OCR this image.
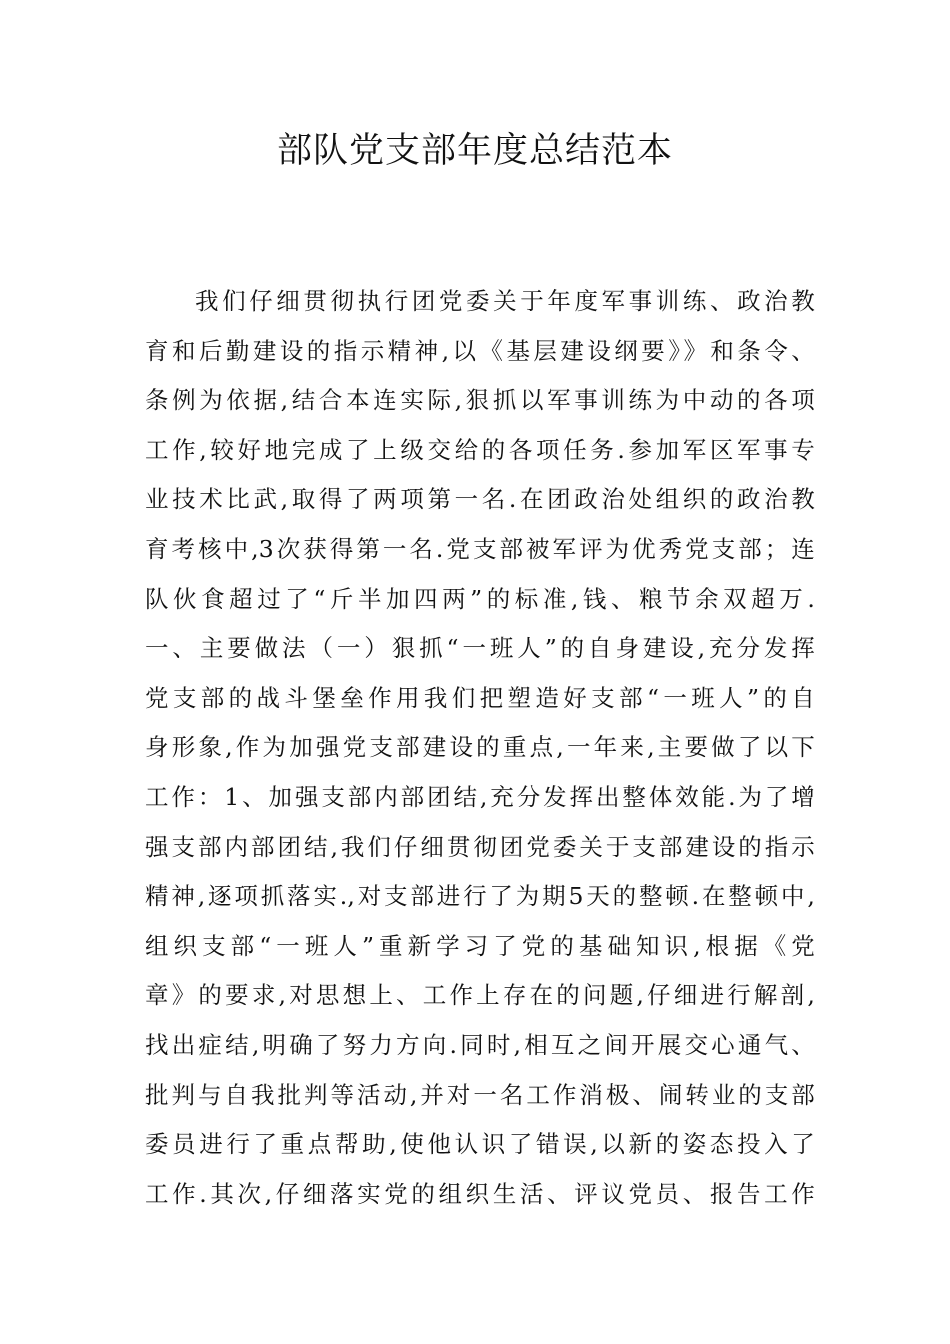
部队党支部年度总结范本
我们仔细贯彻执行团党委关于年度军事训练、政治教
育和后勤建设的指示精神,以《基层建设纲要》》和条令、
条例为依据,结合本连实际,狠抓以军事训练为中动的各项
工作,较好地完成了上级交给的各项任务.参加军区军事专
业技术比武,取得了两项第一名.在团政治处组织的政治教
育考核中,3次获得第一名.党支部被军评为优秀党支部；连
队伙食超过了“斤半加四两”的标准,钱、粮节余双超万.
一、主要做法（一）狠抓“一班人”的自身建设,充分发挥
党支部的战斗堡垒作用我们把塑造好支部“一班人”的自
身形象,作为加强党支部建设的重点,一年来,主要做了以下
工作：1、加强支部内部团结,充分发挥出整体效能.为了增
强支部内部团结,我们仔细贯彻团党委关于支部建设的指示
精神,逐项抓落实.,对支部进行了为期5天的整顿.在整顿中,
组织支部“一班人”重新学习了党的基础知识,根据《党
章》的要求,对思想上、工作上存在的问题,仔细进行解剖,
找出症结,明确了努力方向.同时,相互之间开展交心通气、
批判与自我批判等活动,并对一名工作消极、闹转业的支部
委员进行了重点帮助,使他认识了错误,以新的姿态投入了
工作.其次,仔细落实党的组织生活、评议党员、报告工作
